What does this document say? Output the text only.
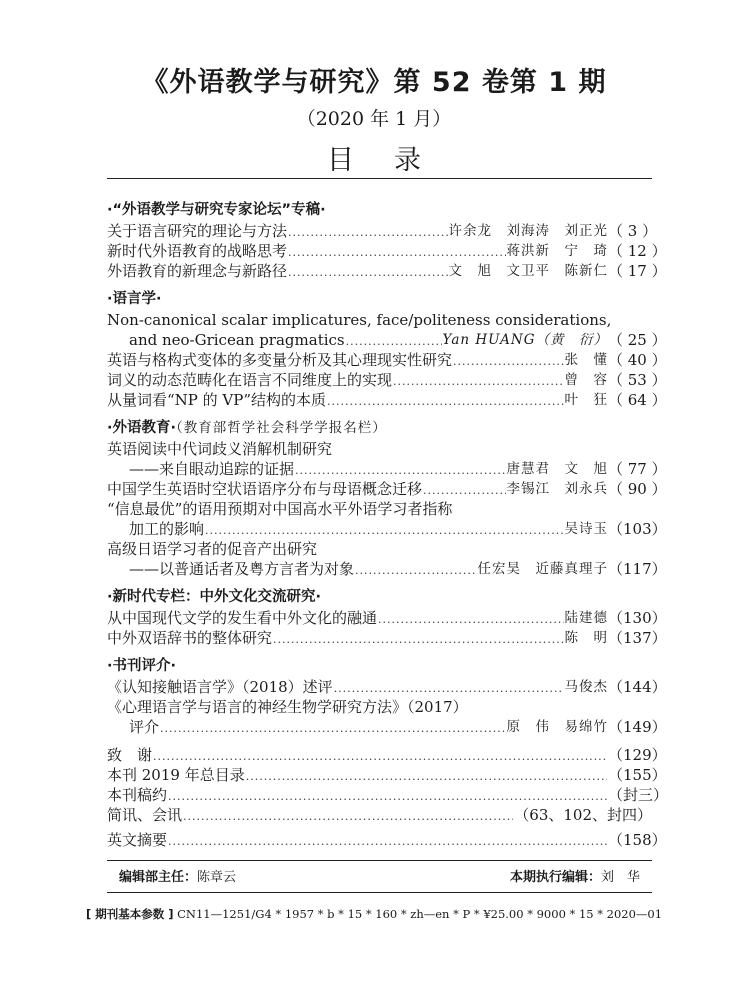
《外语教学与研究》第 52 卷第 1 期
（2020 年 1 月）
目录
·“外语教学与研究专家论坛”专稿·
关于语言研究的理论与方法 .....	许余龙　刘海涛　刘正光 （ 3 ）
新时代外语教育的战略思考 .....	蒋洪新　宁　琦 （ 12 ）
外语教育的新理念与新路径 .....	文　旭　文卫平　陈新仁 （ 17 ）
·语言学·
Non-canonical scalar implicatures, face/politeness considerations,
and neo-Gricean pragmatics .....	Yan HUANG（黄　衍） （ 25 ）
英语与格构式变体的多变量分析及其心理现实性研究 .....	张　懂 （ 40 ）
词义的动态范畴化在语言不同维度上的实现 .....	曾　容 （ 53 ）
从量词看“NP 的 VP”结构的本质 .....	叶　狂 （ 64 ）
·外语教育·（教育部哲学社会科学学报名栏）
英语阅读中代词歧义消解机制研究
——来自眼动追踪的证据 .....	唐慧君　文　旭 （ 77 ）
中国学生英语时空状语语序分布与母语概念迁移 .....	李锡江　刘永兵 （ 90 ）
“信息最优”的语用预期对中国高水平外语学习者指称
加工的影响 .....	吴诗玉 （103）
高级日语学习者的促音产出研究
——以普通话者及粤方言者为对象 .....	任宏昊　近藤真理子 （117）
·新时代专栏：中外文化交流研究·
从中国现代文学的发生看中外文化的融通 .....	陆建德 （130）
中外双语辞书的整体研究 .....	陈　明 （137）
·书刊评介·
《认知接触语言学》（2018）述评 .....	马俊杰 （144）
《心理语言学与语言的神经生物学研究方法》（2017）
评介 .....	原　伟　易绵竹 （149）
致　谢 .....	（129）
本刊 2019 年总目录 .....	（155）
本刊稿约 .....	（封三）
简讯、会讯 .....	（63、102、封四）
英文摘要 .....	（158）
编辑部主任：陈章云	本期执行编辑：刘　华
[ 期刊基本参数 ] CN11—1251/G4 * 1957 * b * 15 * 160 * zh—en * P * ¥25.00 * 9000 * 15 * 2020—01
